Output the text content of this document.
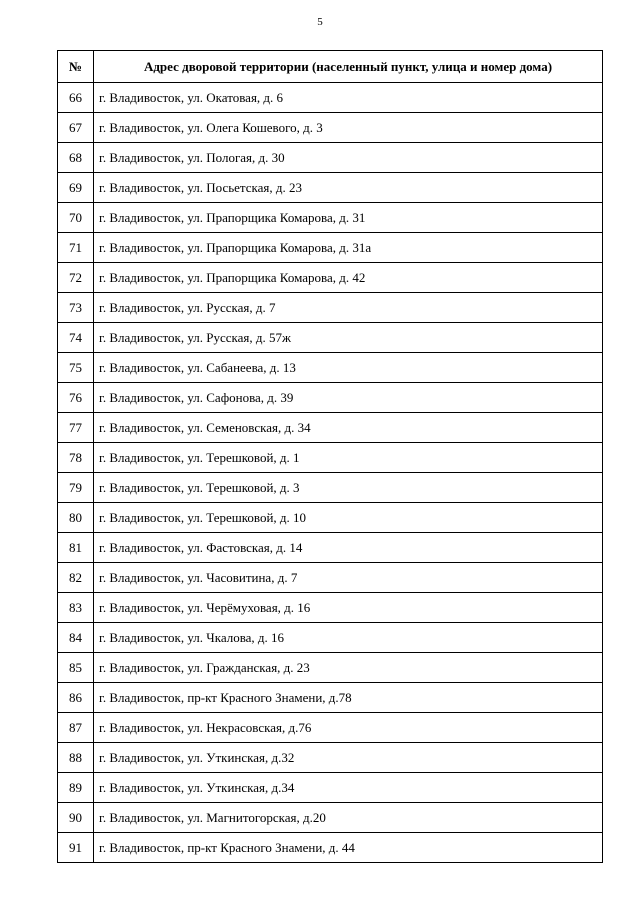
5
№	Адрес дворовой территории (населенный пункт, улица и номер дома)
66	г. Владивосток, ул. Окатовая, д. 6
67	г. Владивосток, ул. Олега Кошевого, д. 3
68	г. Владивосток, ул. Пологая, д. 30
69	г. Владивосток, ул. Посьетская, д. 23
70	г. Владивосток, ул. Прапорщика Комарова, д. 31
71	г. Владивосток, ул. Прапорщика Комарова, д. 31а
72	г. Владивосток, ул. Прапорщика Комарова, д. 42
73	г. Владивосток, ул. Русская, д. 7
74	г. Владивосток, ул. Русская, д. 57ж
75	г. Владивосток, ул. Сабанеева, д. 13
76	г. Владивосток, ул. Сафонова, д. 39
77	г. Владивосток, ул. Семеновская, д. 34
78	г. Владивосток, ул. Терешковой, д. 1
79	г. Владивосток, ул. Терешковой, д. 3
80	г. Владивосток, ул. Терешковой, д. 10
81	г. Владивосток, ул. Фастовская, д. 14
82	г. Владивосток, ул. Часовитина, д. 7
83	г. Владивосток, ул. Черёмуховая, д. 16
84	г. Владивосток, ул. Чкалова, д. 16
85	г. Владивосток, ул. Гражданская, д. 23
86	г. Владивосток, пр-кт Красного Знамени, д.78
87	г. Владивосток, ул. Некрасовская, д.76
88	г. Владивосток, ул. Уткинская, д.32
89	г. Владивосток, ул. Уткинская, д.34
90	г. Владивосток, ул. Магнитогорская, д.20
91	г. Владивосток, пр-кт Красного Знамени, д. 44
